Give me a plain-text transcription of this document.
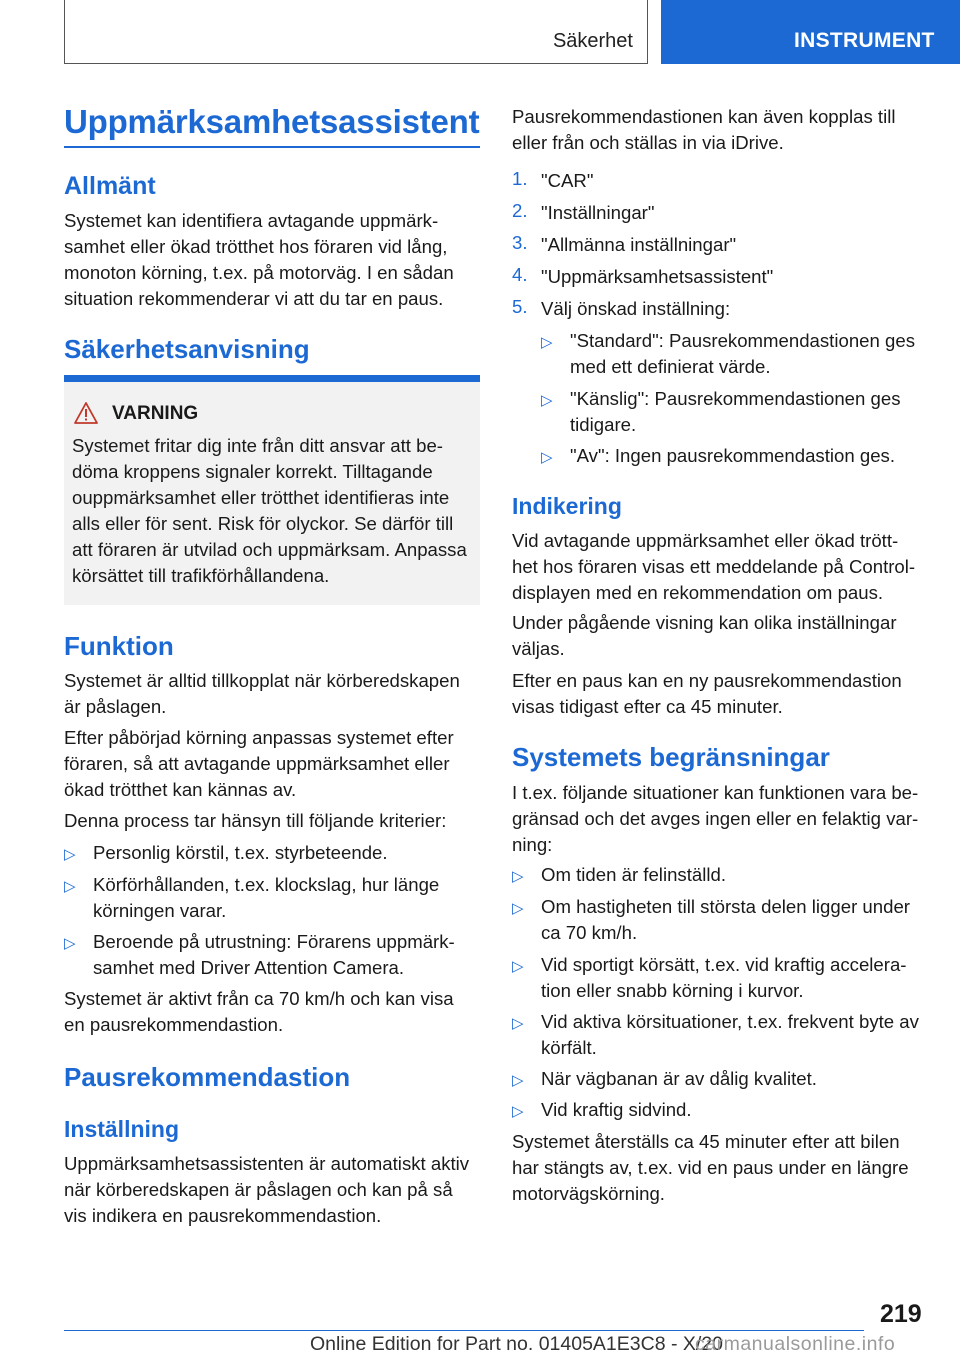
Säkerhet	INSTRUMENT
Uppmärksamhetsassistent
Allmänt

Systemet kan identifiera avtagande uppmärk‐

samhet eller ökad trötthet hos föraren vid lång,

monoton körning, t.ex. på motorväg. I en sådan

situation rekommenderar vi att du tar en paus.

Säkerhetsanvisning

VARNING

Systemet fritar dig inte från ditt ansvar att be‐

döma kroppens signaler korrekt. Tilltagande

ouppmärksamhet eller trötthet identifieras inte

alls eller för sent. Risk för olyckor. Se därför till

att föraren är utvilad och uppmärksam. Anpassa

körsättet till trafikförhållandena.

Funktion

Systemet är alltid tillkopplat när körberedskapen

är påslagen.

Efter påbörjad körning anpassas systemet efter

föraren, så att avtagande uppmärksamhet eller

ökad trötthet kan kännas av.

Denna process tar hänsyn till följande kriterier:

▷ Personlig körstil, t.ex. styrbeteende.

▷ Körförhållanden, t.ex. klockslag, hur länge

körningen varar.

▷ Beroende på utrustning: Förarens uppmärk‐

samhet med Driver Attention Camera.

Systemet är aktivt från ca 70 km/h och kan visa

en pausrekommendastion.

Pausrekommendastion
Inställning

Uppmärksamhetsassistenten är automatiskt aktiv

när körberedskapen är påslagen och kan på så

vis indikera en pausrekommendastion.

Pausrekommendastionen kan även kopplas till

eller från och ställas in via iDrive.

1. "CAR"

2. "Inställningar"

3. "Allmänna inställningar"

4. "Uppmärksamhetsassistent"

5. Välj önskad inställning:

▷ "Standard": Pausrekommendastionen ges

med ett definierat värde.

▷ "Känslig": Pausrekommendastionen ges

tidigare.

▷ "Av": Ingen pausrekommendastion ges.

Indikering

Vid avtagande uppmärksamhet eller ökad trött‐

het hos föraren visas ett meddelande på Control-

displayen med en rekommendation om paus.

Under pågående visning kan olika inställningar

väljas.

Efter en paus kan en ny pausrekommendastion

visas tidigast efter ca 45 minuter.

Systemets begränsningar

I t.ex. följande situationer kan funktionen vara be‐

gränsad och det avges ingen eller en felaktig var‐

ning:

▷ Om tiden är felinställd.

▷ Om hastigheten till största delen ligger under

ca 70 km/h.

▷ Vid sportigt körsätt, t.ex. vid kraftig accelera‐

tion eller snabb körning i kurvor.

▷ Vid aktiva körsituationer, t.ex. frekvent byte av

körfält.

▷ När vägbanan är av dålig kvalitet.

▷ Vid kraftig sidvind.

Systemet återställs ca 45 minuter efter att bilen

har stängts av, t.ex. vid en paus under en längre

motorvägskörning.

219

Online Edition for Part no. 01405A1E3C8 - X/20

carmanualsonline.info
